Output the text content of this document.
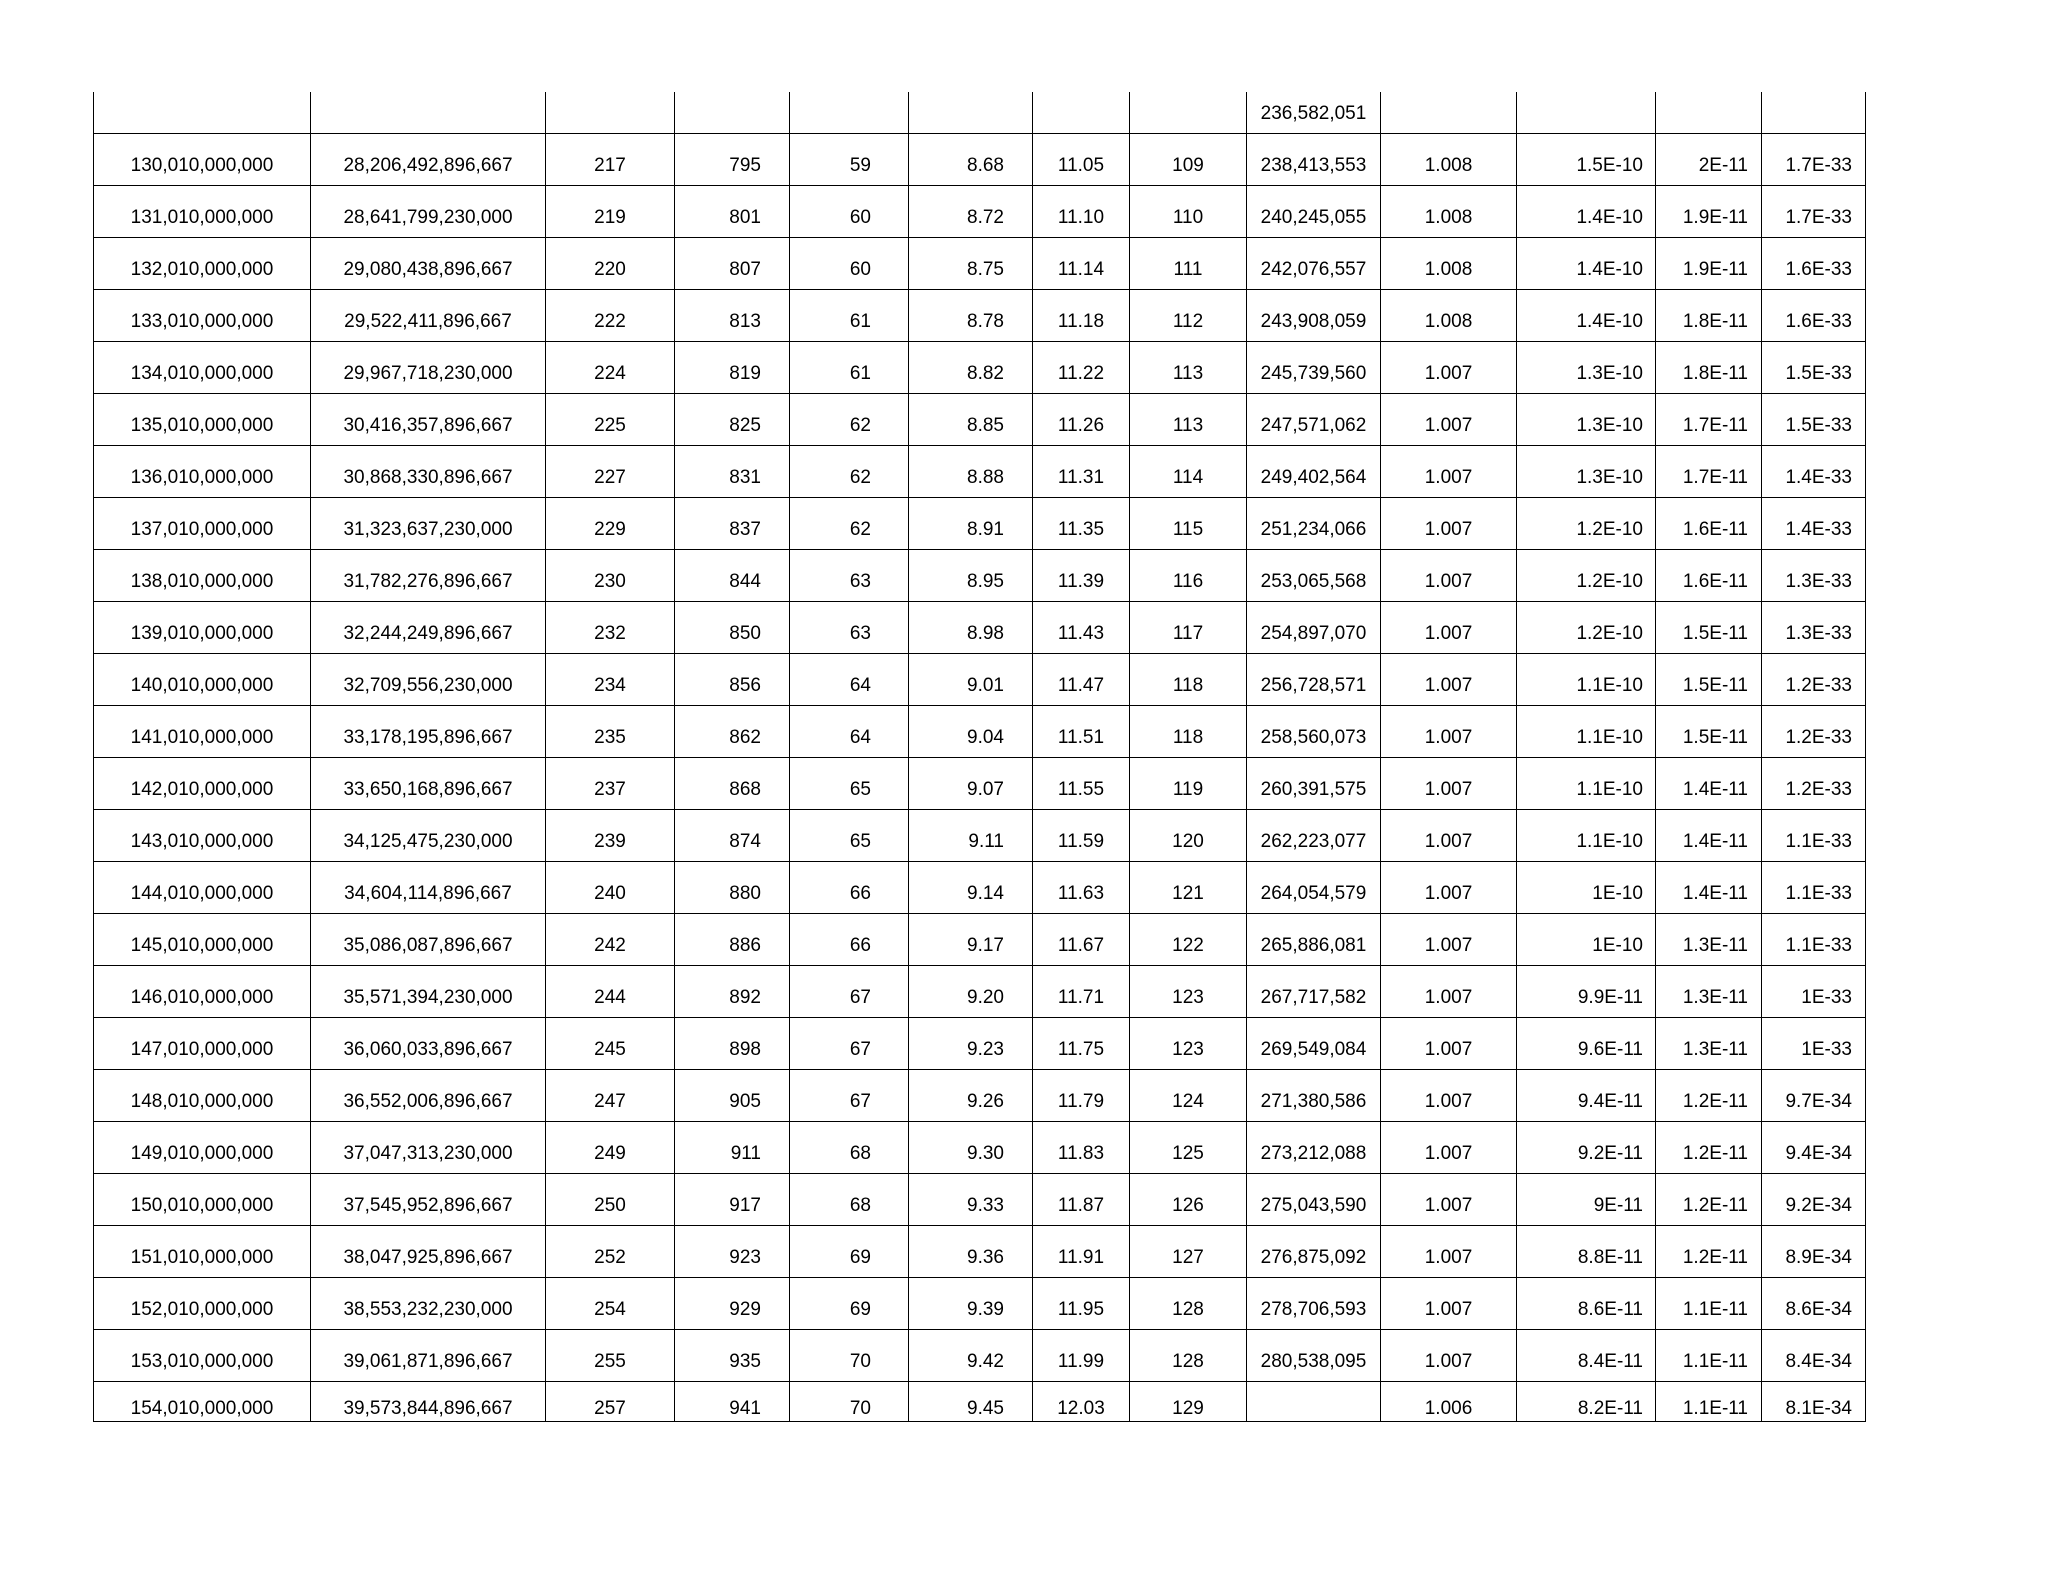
								236,582,051				
130,010,000,000	28,206,492,896,667	217	795	59	8.68	11.05	109	238,413,553	1.008	1.5E-10	2E-11	1.7E-33
131,010,000,000	28,641,799,230,000	219	801	60	8.72	11.10	110	240,245,055	1.008	1.4E-10	1.9E-11	1.7E-33
132,010,000,000	29,080,438,896,667	220	807	60	8.75	11.14	111	242,076,557	1.008	1.4E-10	1.9E-11	1.6E-33
133,010,000,000	29,522,411,896,667	222	813	61	8.78	11.18	112	243,908,059	1.008	1.4E-10	1.8E-11	1.6E-33
134,010,000,000	29,967,718,230,000	224	819	61	8.82	11.22	113	245,739,560	1.007	1.3E-10	1.8E-11	1.5E-33
135,010,000,000	30,416,357,896,667	225	825	62	8.85	11.26	113	247,571,062	1.007	1.3E-10	1.7E-11	1.5E-33
136,010,000,000	30,868,330,896,667	227	831	62	8.88	11.31	114	249,402,564	1.007	1.3E-10	1.7E-11	1.4E-33
137,010,000,000	31,323,637,230,000	229	837	62	8.91	11.35	115	251,234,066	1.007	1.2E-10	1.6E-11	1.4E-33
138,010,000,000	31,782,276,896,667	230	844	63	8.95	11.39	116	253,065,568	1.007	1.2E-10	1.6E-11	1.3E-33
139,010,000,000	32,244,249,896,667	232	850	63	8.98	11.43	117	254,897,070	1.007	1.2E-10	1.5E-11	1.3E-33
140,010,000,000	32,709,556,230,000	234	856	64	9.01	11.47	118	256,728,571	1.007	1.1E-10	1.5E-11	1.2E-33
141,010,000,000	33,178,195,896,667	235	862	64	9.04	11.51	118	258,560,073	1.007	1.1E-10	1.5E-11	1.2E-33
142,010,000,000	33,650,168,896,667	237	868	65	9.07	11.55	119	260,391,575	1.007	1.1E-10	1.4E-11	1.2E-33
143,010,000,000	34,125,475,230,000	239	874	65	9.11	11.59	120	262,223,077	1.007	1.1E-10	1.4E-11	1.1E-33
144,010,000,000	34,604,114,896,667	240	880	66	9.14	11.63	121	264,054,579	1.007	1E-10	1.4E-11	1.1E-33
145,010,000,000	35,086,087,896,667	242	886	66	9.17	11.67	122	265,886,081	1.007	1E-10	1.3E-11	1.1E-33
146,010,000,000	35,571,394,230,000	244	892	67	9.20	11.71	123	267,717,582	1.007	9.9E-11	1.3E-11	1E-33
147,010,000,000	36,060,033,896,667	245	898	67	9.23	11.75	123	269,549,084	1.007	9.6E-11	1.3E-11	1E-33
148,010,000,000	36,552,006,896,667	247	905	67	9.26	11.79	124	271,380,586	1.007	9.4E-11	1.2E-11	9.7E-34
149,010,000,000	37,047,313,230,000	249	911	68	9.30	11.83	125	273,212,088	1.007	9.2E-11	1.2E-11	9.4E-34
150,010,000,000	37,545,952,896,667	250	917	68	9.33	11.87	126	275,043,590	1.007	9E-11	1.2E-11	9.2E-34
151,010,000,000	38,047,925,896,667	252	923	69	9.36	11.91	127	276,875,092	1.007	8.8E-11	1.2E-11	8.9E-34
152,010,000,000	38,553,232,230,000	254	929	69	9.39	11.95	128	278,706,593	1.007	8.6E-11	1.1E-11	8.6E-34
153,010,000,000	39,061,871,896,667	255	935	70	9.42	11.99	128	280,538,095	1.007	8.4E-11	1.1E-11	8.4E-34
154,010,000,000	39,573,844,896,667	257	941	70	9.45	12.03	129		1.006	8.2E-11	1.1E-11	8.1E-34
